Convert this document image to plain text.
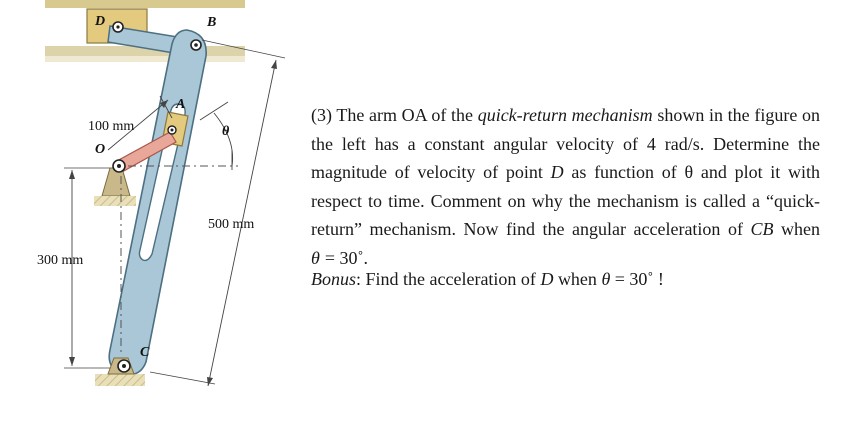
D	B
A
O
C
θ
100 mm
500 mm
300 mm

(3) The arm OA of the quick-return mechanism shown in the figure on the left has a constant angular velocity of 4 rad/s. Determine the magnitude of velocity of point D as function of θ and plot it with respect to time. Comment on why the mechanism is called a “quick-return” mechanism. Now find the angular acceleration of CB when θ = 30˚.

Bonus: Find the acceleration of D when θ = 30˚ !
